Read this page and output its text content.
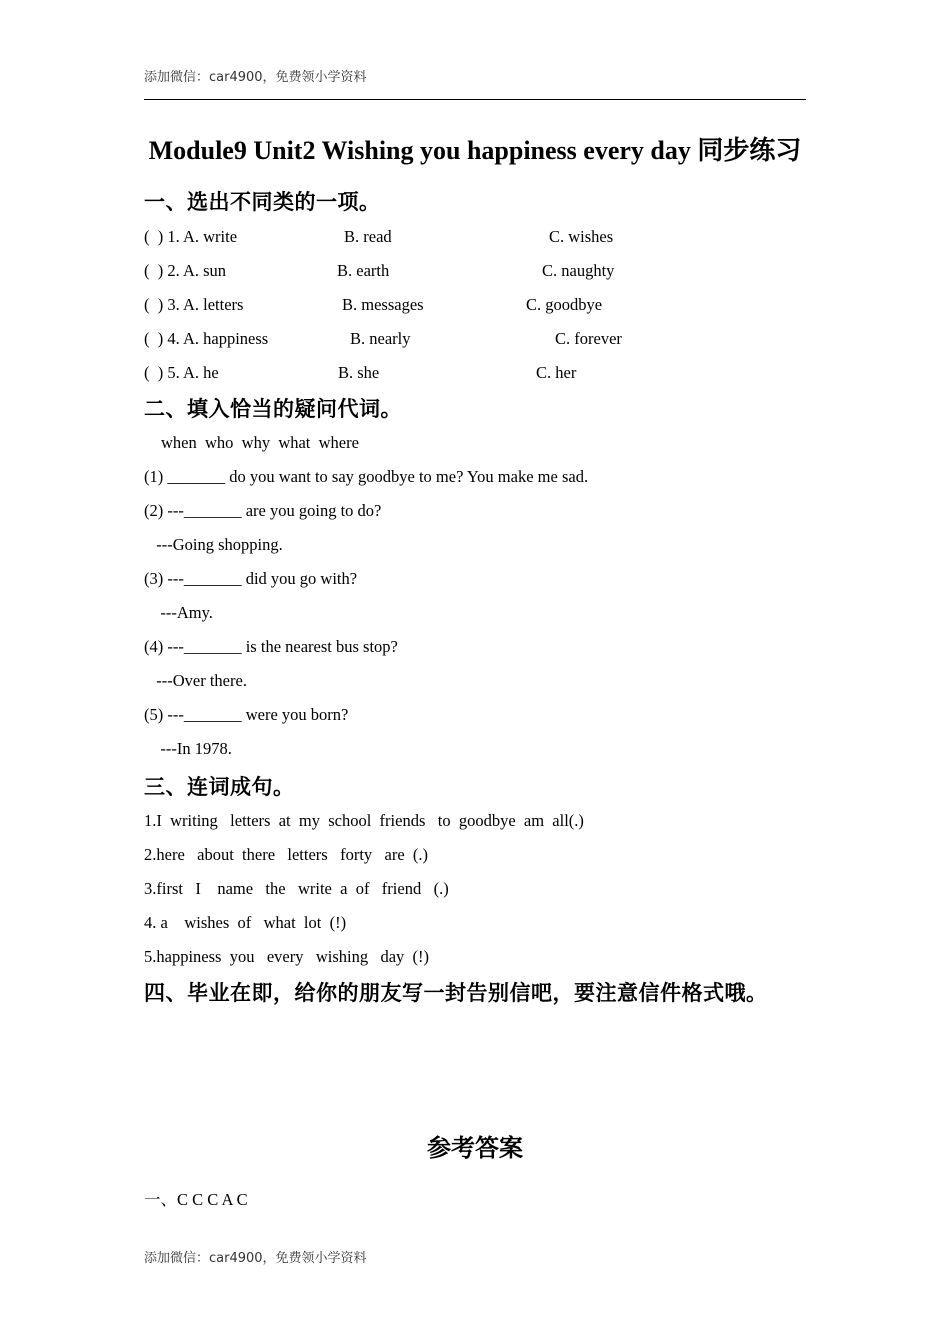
添加微信：car4900，免费领小学资料
Module9 Unit2 Wishing you happiness every day 同步练习
一、选出不同类的一项。
(  ) 1. A. write	B. read	C. wishes
(  ) 2. A. sun	B. earth	C. naughty
(  ) 3. A. letters	B. messages	C. goodbye
(  ) 4. A. happiness	B. nearly	C. forever
(  ) 5. A. he	B. she	C. her
二、填入恰当的疑问代词。
when  who  why  what  where
(1) _______ do you want to say goodbye to me? You make me sad.
(2) ---_______ are you going to do?
---Going shopping.
(3) ---_______ did you go with?
---Amy.
(4) ---_______ is the nearest bus stop?
---Over there.
(5) ---_______ were you born?
---In 1978.
三、连词成句。
1.I  writing   letters  at  my  school  friends   to  goodbye  am  all(.)
2.here   about  there   letters   forty   are  (.)
3.first   I    name   the   write  a  of   friend   (.)
4. a    wishes  of   what  lot  (!)
5.happiness  you   every   wishing   day  (!)
四、毕业在即，给你的朋友写一封告别信吧，要注意信件格式哦。
参考答案
一、C C C A C
添加微信：car4900，免费领小学资料
